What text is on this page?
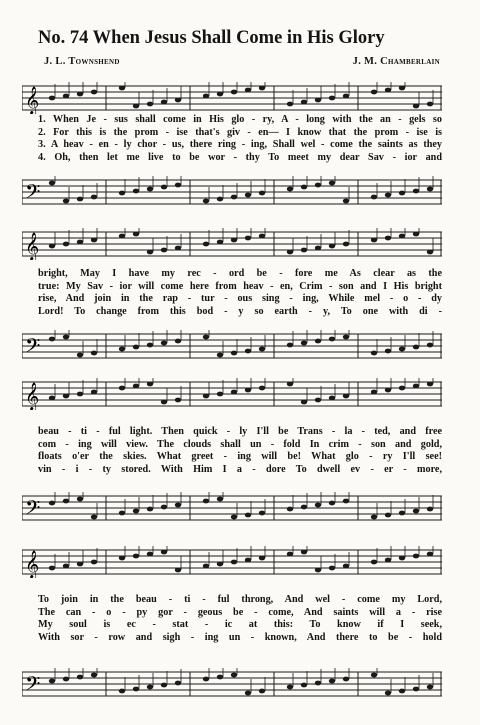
No. 74 When Jesus Shall Come in His Glory
J. L. Townshend	J. M. Chamberlain
𝄞
1. When Je - sus shall come in His glo - ry, A - long with the an - gels so
2. For this is the prom - ise that's giv - en— I know that the prom - ise is
3. A heav - en - ly chor - us, there ring - ing, Shall wel - come the saints as they
4. Oh, then let me live to be wor - thy To meet my dear Sav - ior and
𝄢
𝄞
bright, May I have my rec - ord be - fore me As clear as the
true: My Sav - ior will come here from heav - en, Crim - son and I His bright
rise, And join in the rap - tur - ous sing - ing, While mel - o - dy
Lord! To change from this bod - y so earth - y, To one with di -
𝄢
𝄞
beau - ti - ful light. Then quick - ly I'll be Trans - la - ted, and free
com - ing will view. The clouds shall un - fold In crim - son and gold,
floats o'er the skies. What greet - ing will be! What glo - ry I'll see!
vin - i - ty stored. With Him I a - dore To dwell ev - er - more,
𝄢
𝄞
To join in the beau - ti - ful throng, And wel - come my Lord,
The can - o - py gor - geous be - come, And saints will a - rise
My soul is ec - stat - ic at this: To know if I seek,
With sor - row and sigh - ing un - known, And there to be - hold
𝄢
